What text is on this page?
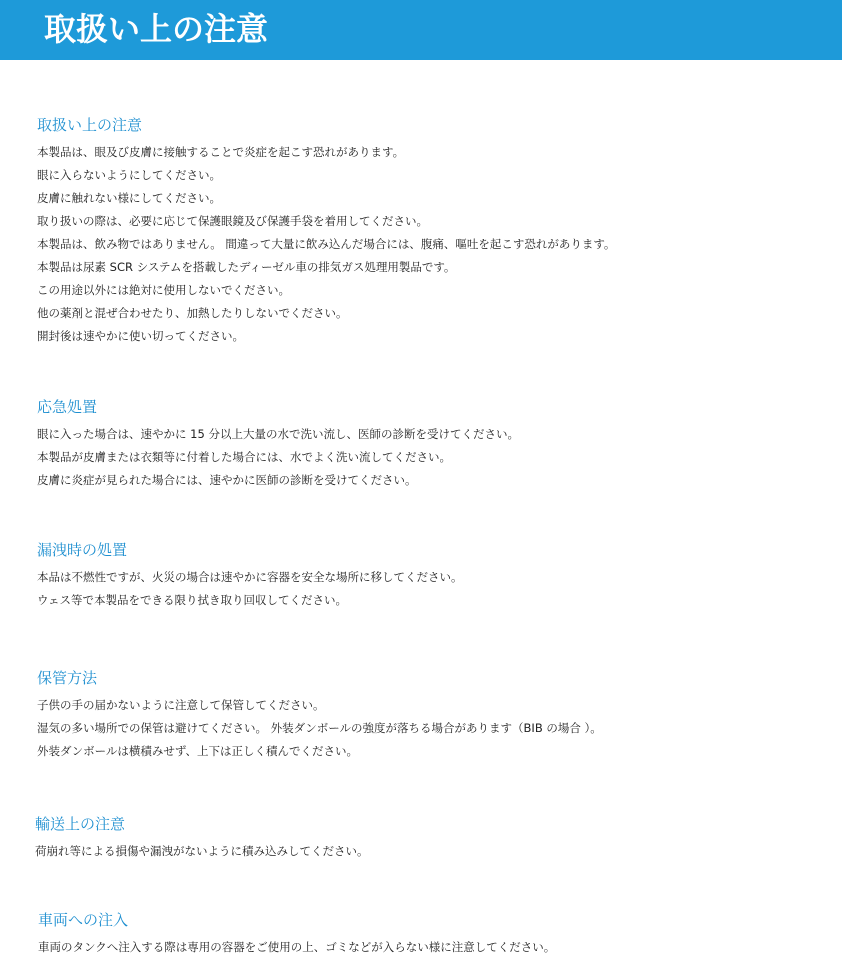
取扱い上の注意
取扱い上の注意
本製品は、眼及び皮膚に接触することで炎症を起こす恐れがあります。
眼に入らないようにしてください。
皮膚に触れない様にしてください。
取り扱いの際は、必要に応じて保護眼鏡及び保護手袋を着用してください。
本製品は、飲み物ではありません。 間違って大量に飲み込んだ場合には、腹痛、嘔吐を起こす恐れがあります。
本製品は尿素 SCR システムを搭載したディーゼル車の排気ガス処理用製品です。
この用途以外には絶対に使用しないでください。
他の薬剤と混ぜ合わせたり、加熱したりしないでください。
開封後は速やかに使い切ってください。
応急処置
眼に入った場合は、速やかに 15 分以上大量の水で洗い流し、医師の診断を受けてください。
本製品が皮膚または衣類等に付着した場合には、水でよく洗い流してください。
皮膚に炎症が見られた場合には、速やかに医師の診断を受けてください。
漏洩時の処置
本品は不燃性ですが、火災の場合は速やかに容器を安全な場所に移してください。
ウェス等で本製品をできる限り拭き取り回収してください。
保管方法
子供の手の届かないように注意して保管してください。
湿気の多い場所での保管は避けてください。 外装ダンボールの強度が落ちる場合があります（BIB の場合 ）。
外装ダンボールは横積みせず、上下は正しく積んでください。
輸送上の注意
荷崩れ等による損傷や漏洩がないように積み込みしてください。
車両への注入
車両のタンクへ注入する際は専用の容器をご使用の上、ゴミなどが入らない様に注意してください。
